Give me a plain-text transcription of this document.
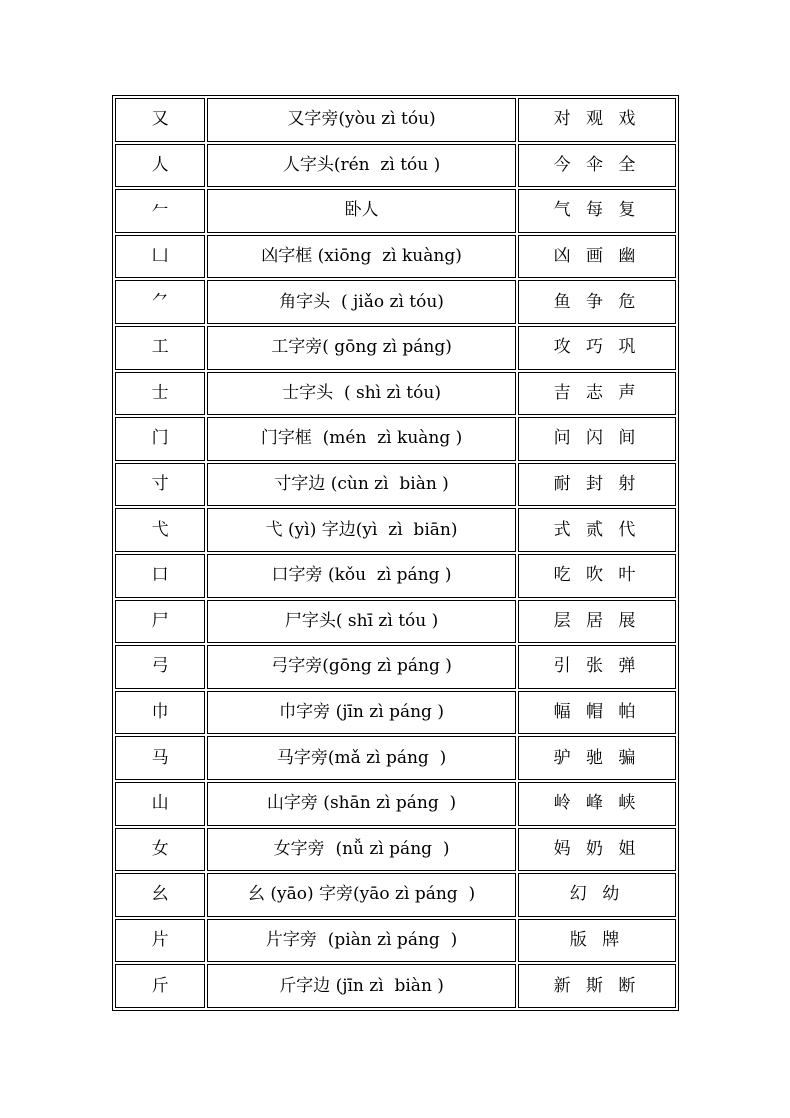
又	又字旁(yòu zì tóu)	对 观 戏
人	人字头(rén  zì tóu )	今 伞 全
𠂉	卧人	气 每 复
凵	凶字框 (xiōng  zì kuàng)	凶 画 幽
⺈	角字头  ( jiǎo zì tóu)	鱼 争 危
工	工字旁( gōng zì páng)	攻 巧 巩
士	士字头  ( shì zì tóu)	吉 志 声
门	门字框  (mén  zì kuàng )	问 闪 间
寸	寸字边 (cùn zì  biàn )	耐 封 射
弋	弋 (yì) 字边(yì  zì  biān)	式 贰 代
口	口字旁 (kǒu  zì páng )	吃 吹 叶
尸	尸字头( shī zì tóu )	层 居 展
弓	弓字旁(gōng zì páng )	引 张 弹
巾	巾字旁 (jīn zì páng )	幅 帽 帕
马	马字旁(mǎ zì páng  )	驴 驰 骗
山	山字旁 (shān zì páng  )	岭 峰 峡
女	女字旁  (nǚ zì páng  )	妈 奶 姐
幺	幺 (yāo) 字旁(yāo zì páng  )	幻 幼
片	片字旁  (piàn zì páng  )	版 牌
斤	斤字边 (jīn zì  biàn )	新 斯 断
